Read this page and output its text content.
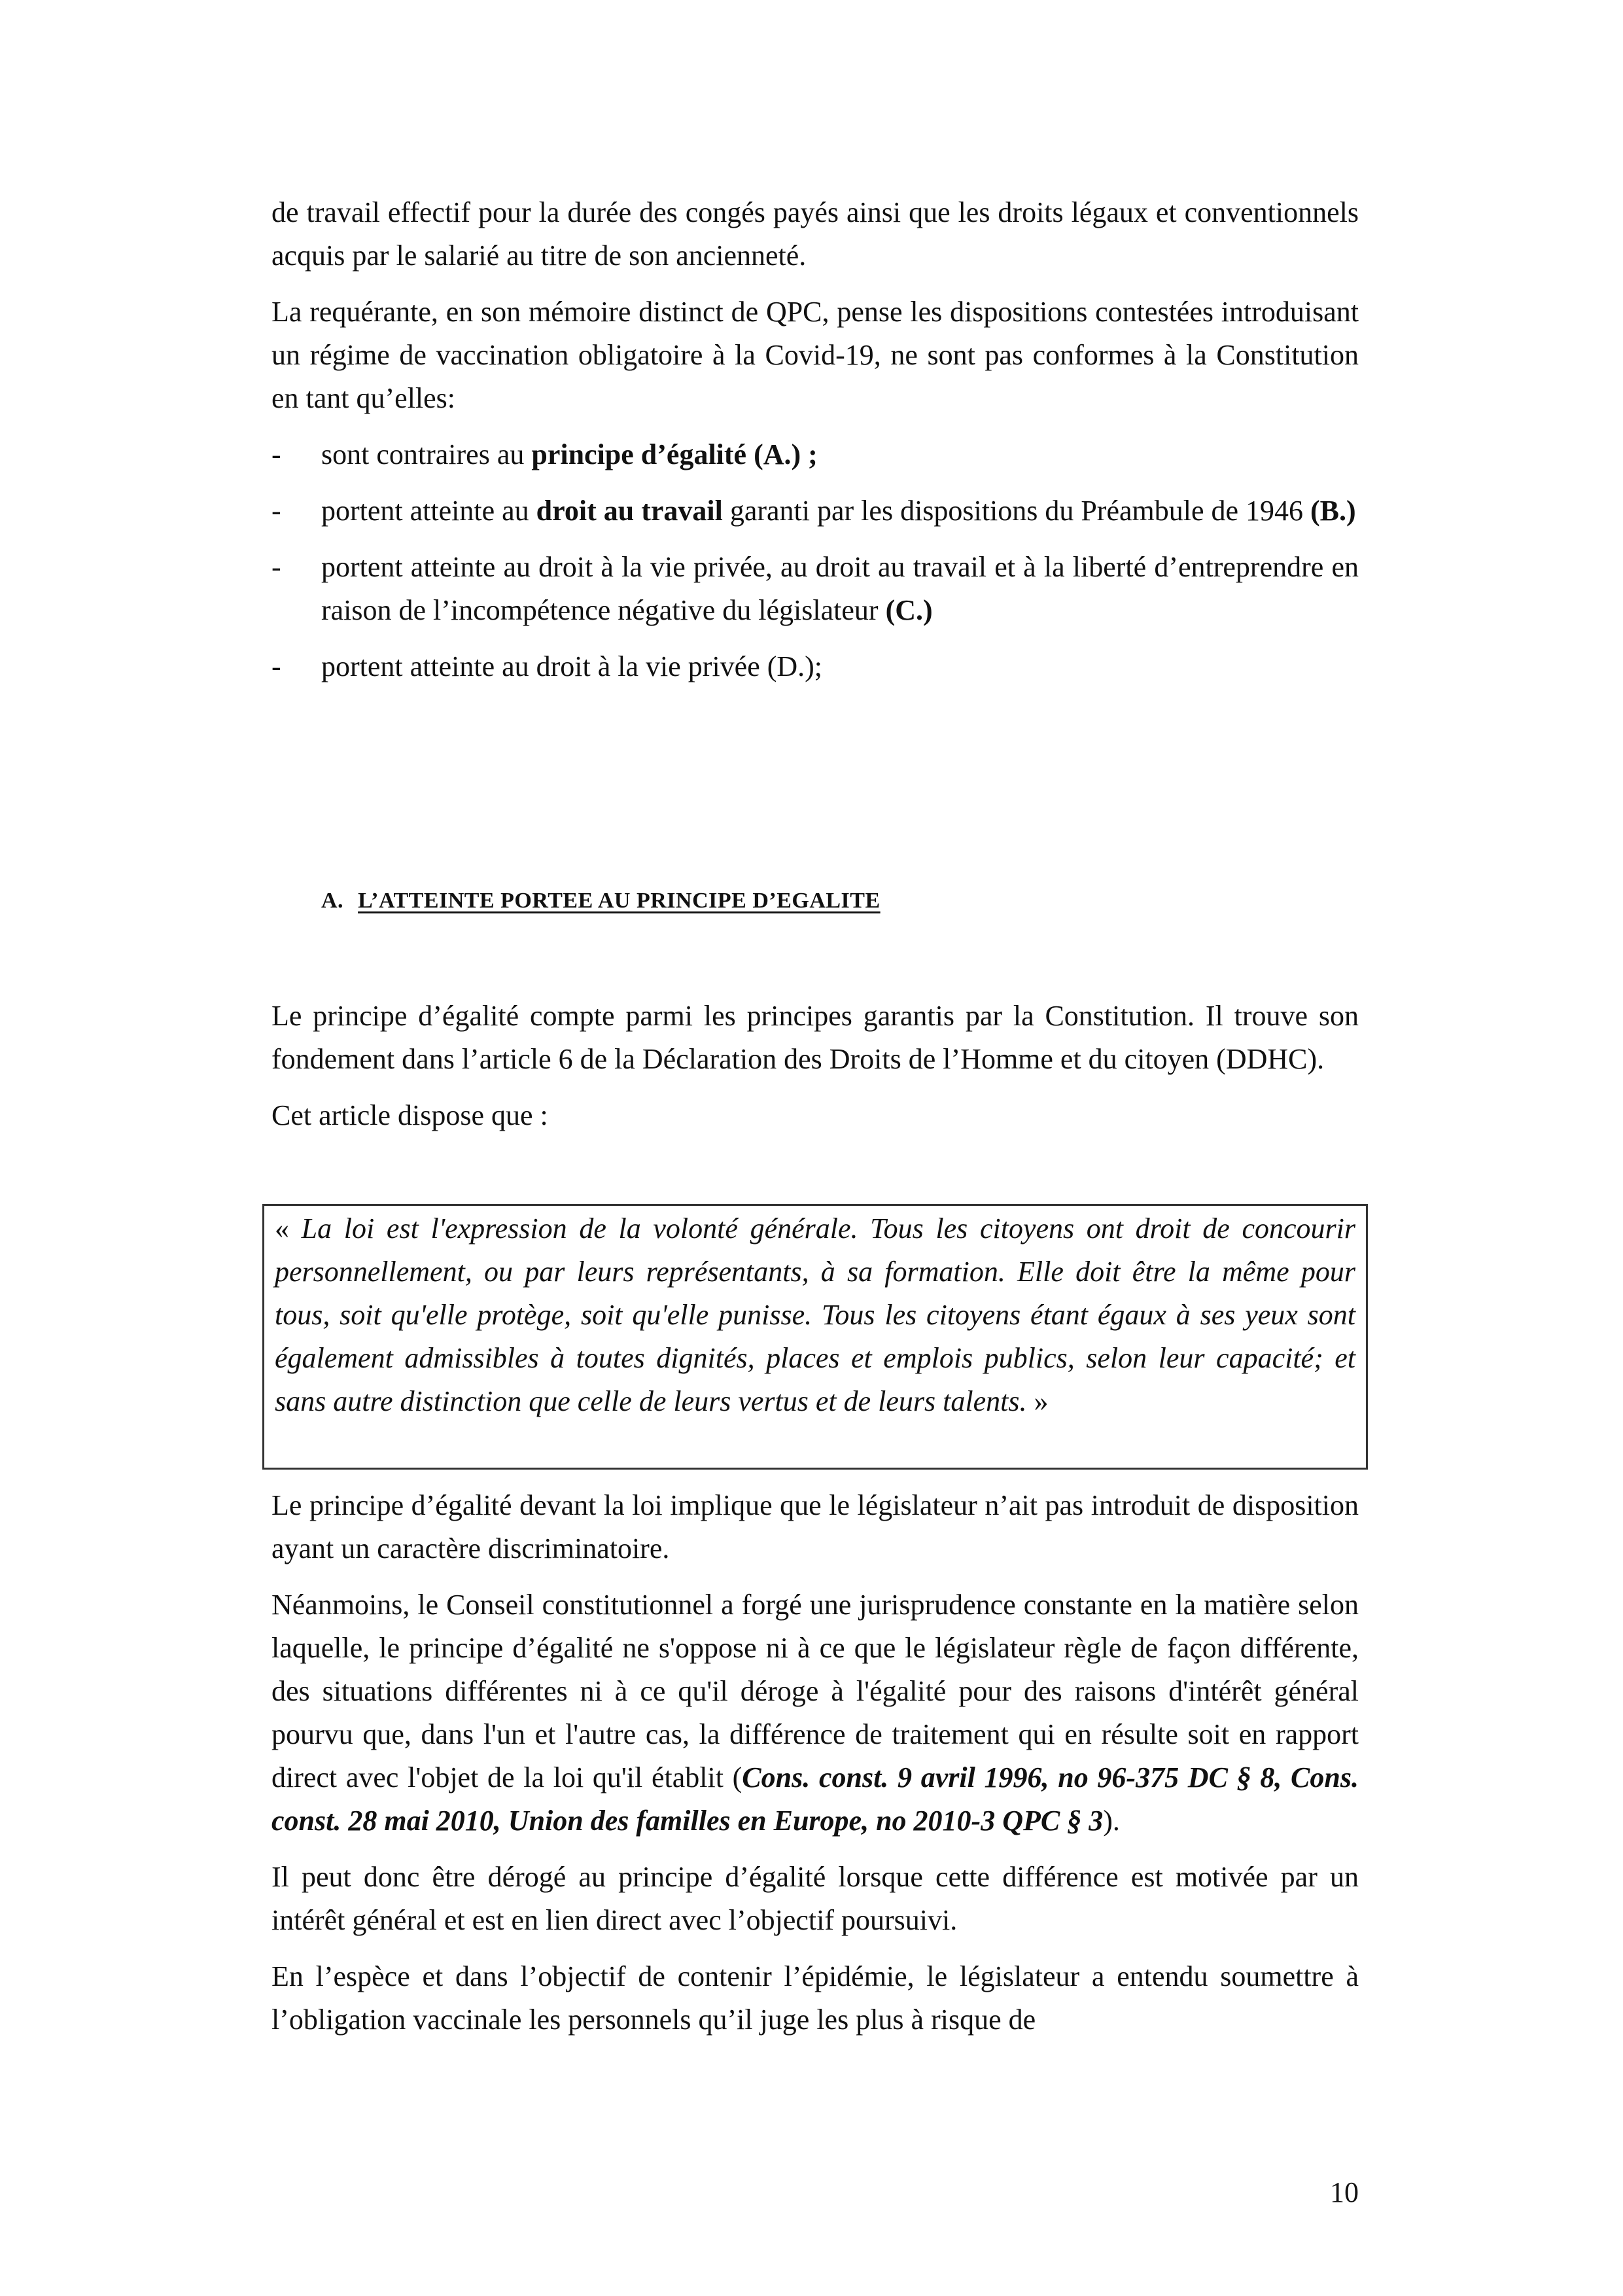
de travail effectif pour la durée des congés payés ainsi que les droits légaux et conventionnels acquis par le salarié au titre de son ancienneté.

La requérante, en son mémoire distinct de QPC, pense les dispositions contestées introduisant un régime de vaccination obligatoire à la Covid-19, ne sont pas conformes à la Constitution en tant qu’elles:

- sont contraires au principe d’égalité (A.) ;
- portent atteinte au droit au travail garanti par les dispositions du Préambule de 1946 (B.)
- portent atteinte au droit à la vie privée, au droit au travail et à la liberté d’entreprendre en raison de l’incompétence négative du législateur (C.)
- portent atteinte au droit à la vie privée (D.);
A. L’ATTEINTE PORTEE AU PRINCIPE D’EGALITE

Le principe d’égalité compte parmi les principes garantis par la Constitution. Il trouve son fondement dans l’article 6 de la Déclaration des Droits de l’Homme et du citoyen (DDHC).

Cet article dispose que :

« La loi est l'expression de la volonté générale. Tous les citoyens ont droit de concourir personnellement, ou par leurs représentants, à sa formation. Elle doit être la même pour tous, soit qu'elle protège, soit qu'elle punisse. Tous les citoyens étant égaux à ses yeux sont également admissibles à toutes dignités, places et emplois publics, selon leur capacité; et sans autre distinction que celle de leurs vertus et de leurs talents. »

Le principe d’égalité devant la loi implique que le législateur n’ait pas introduit de disposition ayant un caractère discriminatoire.

Néanmoins, le Conseil constitutionnel a forgé une jurisprudence constante en la matière selon laquelle, le principe d’égalité ne s'oppose ni à ce que le législateur règle de façon différente, des situations différentes ni à ce qu'il déroge à l'égalité pour des raisons d'intérêt général pourvu que, dans l'un et l'autre cas, la différence de traitement qui en résulte soit en rapport direct avec l'objet de la loi qu'il établit (Cons. const. 9 avril 1996, no 96-375 DC § 8, Cons. const. 28 mai 2010, Union des familles en Europe, no 2010-3 QPC § 3).

Il peut donc être dérogé au principe d’égalité lorsque cette différence est motivée par un intérêt général et est en lien direct avec l’objectif poursuivi.

En l’espèce et dans l’objectif de contenir l’épidémie, le législateur a entendu soumettre à l’obligation vaccinale les personnels qu’il juge les plus à risque de

10
